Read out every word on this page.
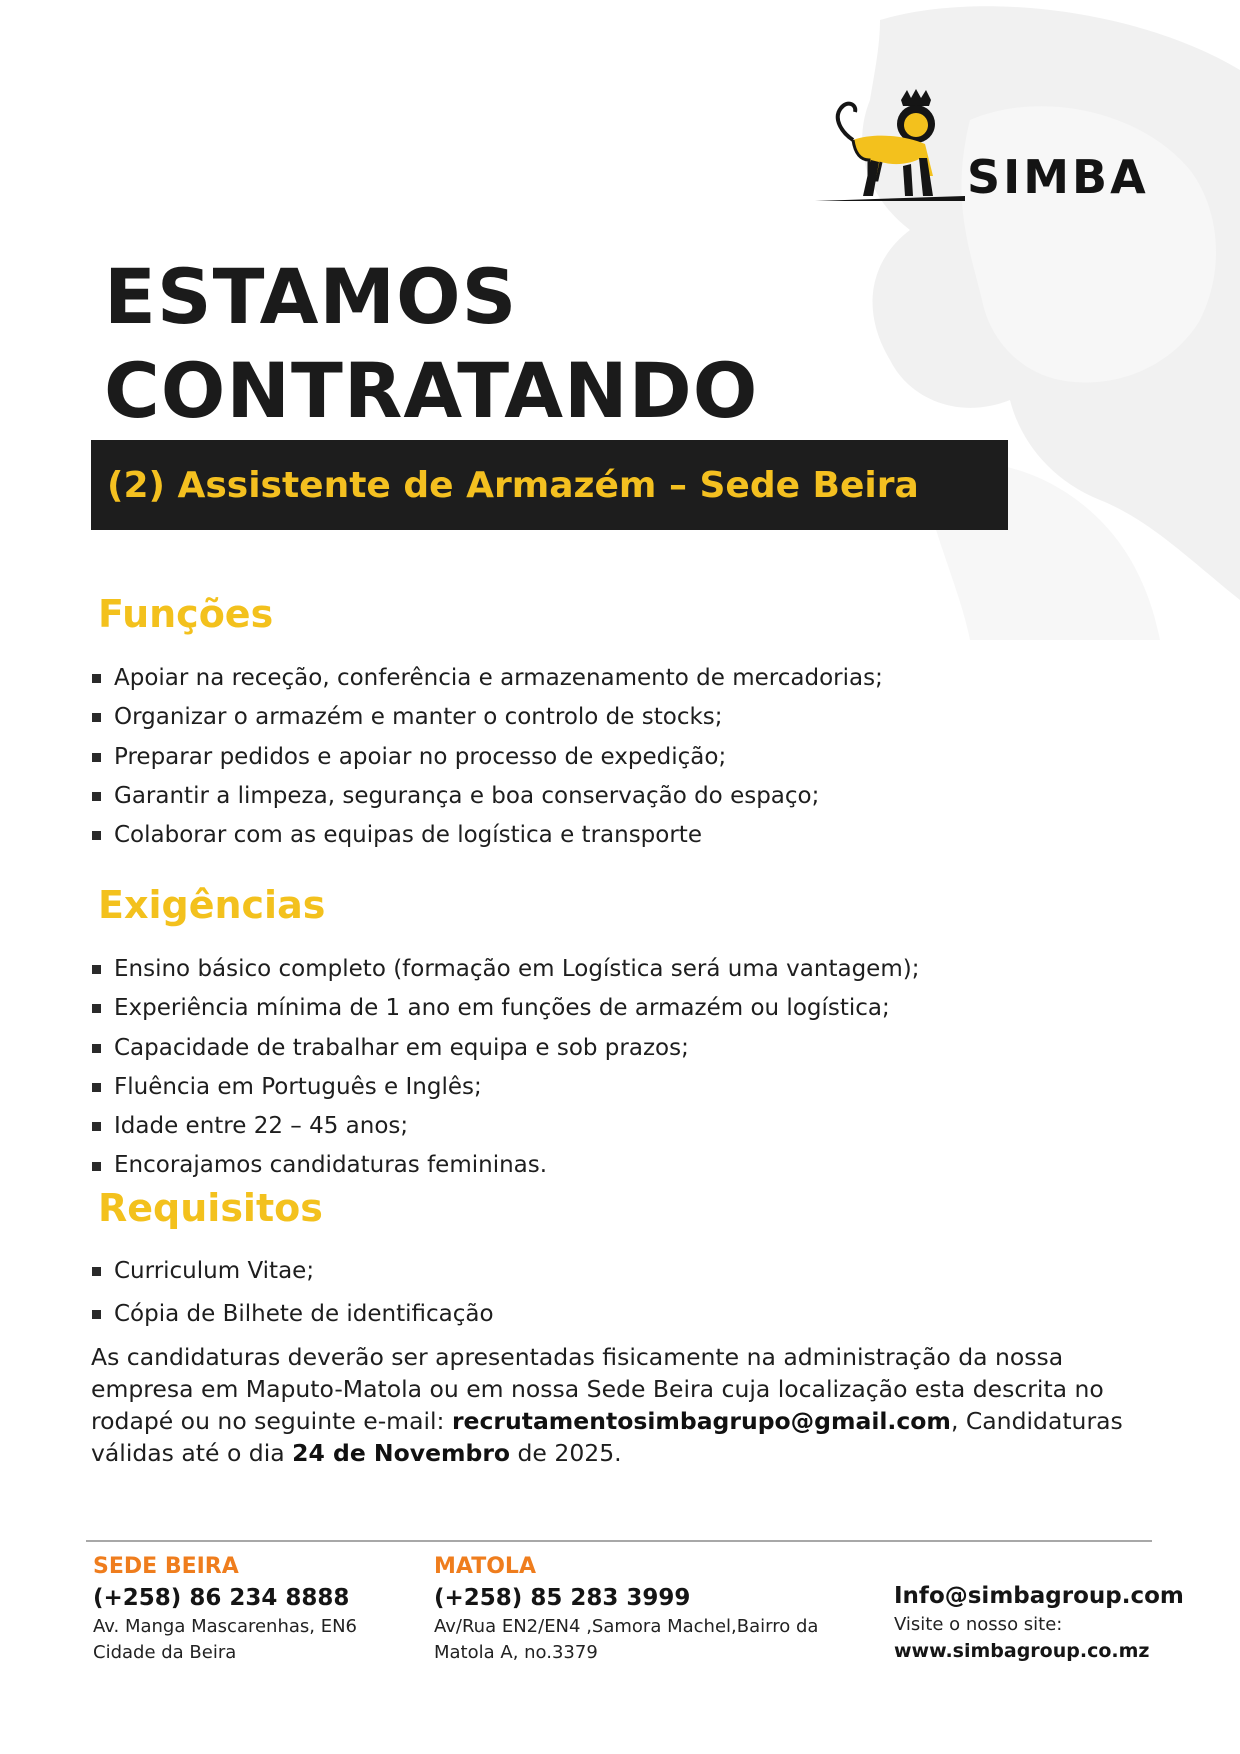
SIMBA
ESTAMOS
CONTRATANDO
(2) Assistente de Armazém – Sede Beira
Funções
Apoiar na receção, conferência e armazenamento de mercadorias;
Organizar o armazém e manter o controlo de stocks;
Preparar pedidos e apoiar no processo de expedição;
Garantir a limpeza, segurança e boa conservação do espaço;
Colaborar com as equipas de logística e transporte
Exigências
Ensino básico completo (formação em Logística será uma vantagem);
Experiência mínima de 1 ano em funções de armazém ou logística;
Capacidade de trabalhar em equipa e sob prazos;
Fluência em Português e Inglês;
Idade entre 22 – 45 anos;
Encorajamos candidaturas femininas.
Requisitos
Curriculum Vitae;
Cópia de Bilhete de identificação

As candidaturas deverão ser apresentadas fisicamente na administração da nossa empresa em Maputo-Matola ou em nossa Sede Beira cuja localização esta descrita no rodapé ou no seguinte e-mail: recrutamentosimbagrupo@gmail.com, Candidaturas válidas até o dia 24 de Novembro de 2025.

SEDE BEIRA
(+258) 86 234 8888
Av. Manga Mascarenhas, EN6
Cidade da Beira
MATOLA
(+258) 85 283 3999
Av/Rua EN2/EN4 ,Samora Machel,Bairro da
Matola A, no.3379
Info@simbagroup.com
Visite o nosso site:
www.simbagroup.co.mz
